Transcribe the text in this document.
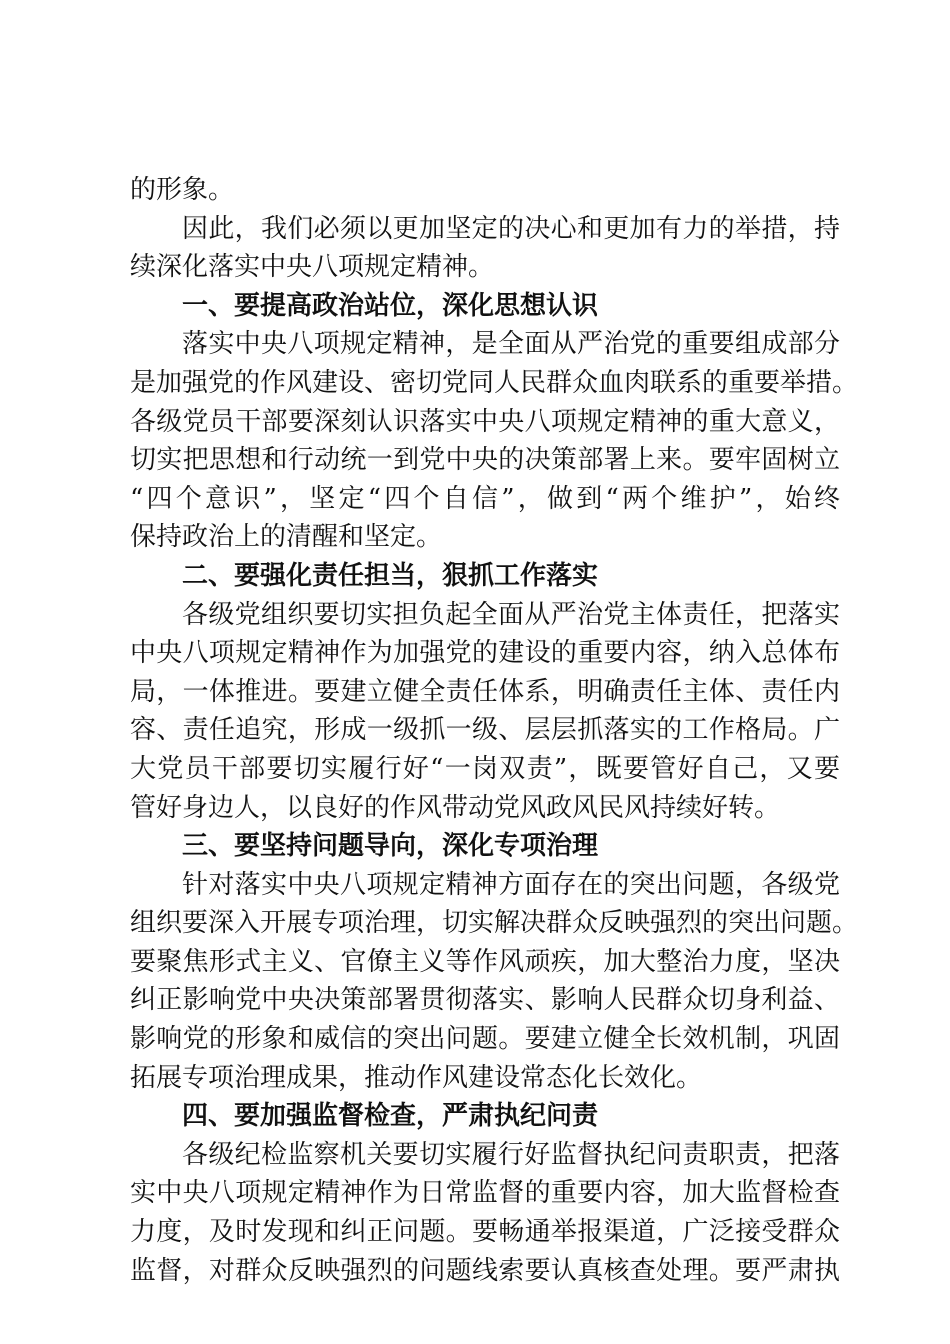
的形象。
因此，我们必须以更加坚定的决心和更加有力的举措，持
续深化落实中央八项规定精神。
一、要提高政治站位，深化思想认识
落实中央八项规定精神，是全面从严治党的重要组成部分
是加强党的作风建设、密切党同人民群众血肉联系的重要举措。
各级党员干部要深刻认识落实中央八项规定精神的重大意义，
切实把思想和行动统一到党中央的决策部署上来。要牢固树立
“四个意识”，坚定“四个自信”，做到“两个维护”，始终
保持政治上的清醒和坚定。
二、要强化责任担当，狠抓工作落实
各级党组织要切实担负起全面从严治党主体责任，把落实
中央八项规定精神作为加强党的建设的重要内容，纳入总体布
局，一体推进。要建立健全责任体系，明确责任主体、责任内
容、责任追究，形成一级抓一级、层层抓落实的工作格局。广
大党员干部要切实履行好“一岗双责”，既要管好自己，又要
管好身边人，以良好的作风带动党风政风民风持续好转。
三、要坚持问题导向，深化专项治理
针对落实中央八项规定精神方面存在的突出问题，各级党
组织要深入开展专项治理，切实解决群众反映强烈的突出问题。
要聚焦形式主义、官僚主义等作风顽疾，加大整治力度，坚决
纠正影响党中央决策部署贯彻落实、影响人民群众切身利益、
影响党的形象和威信的突出问题。要建立健全长效机制，巩固
拓展专项治理成果，推动作风建设常态化长效化。
四、要加强监督检查，严肃执纪问责
各级纪检监察机关要切实履行好监督执纪问责职责，把落
实中央八项规定精神作为日常监督的重要内容，加大监督检查
力度，及时发现和纠正问题。要畅通举报渠道，广泛接受群众
监督，对群众反映强烈的问题线索要认真核查处理。要严肃执
